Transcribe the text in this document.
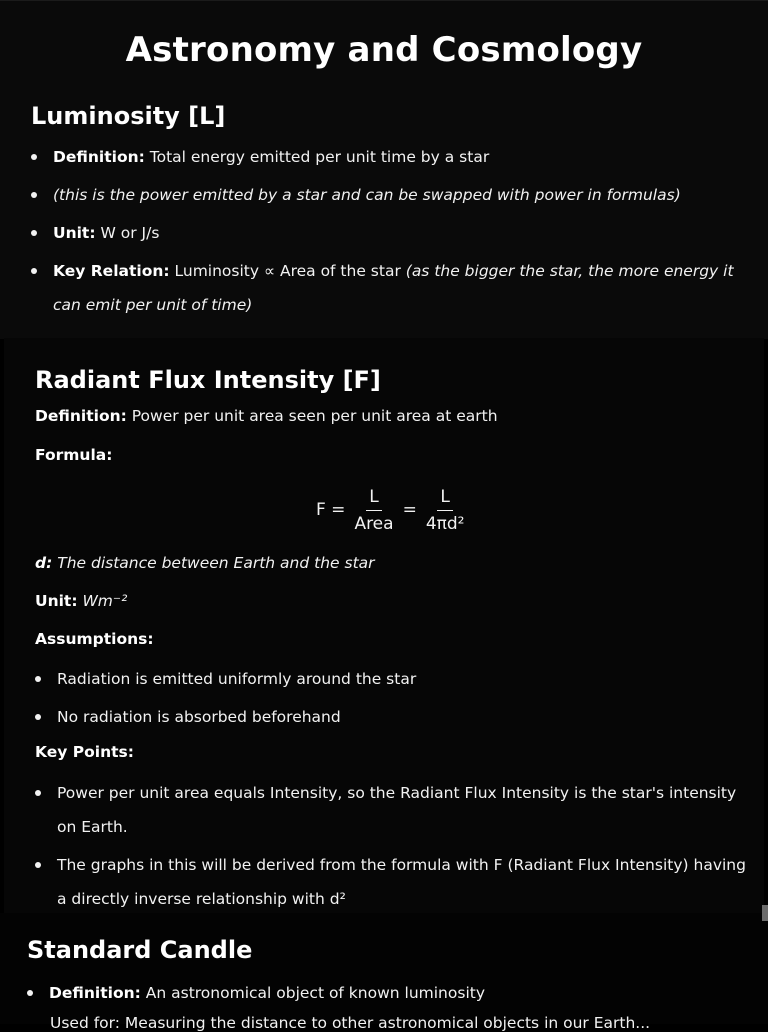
Astronomy and Cosmology
Luminosity [L]
Definition: Total energy emitted per unit time by a star
(this is the power emitted by a star and can be swapped with power in formulas)
Unit: W or J/s
Key Relation: Luminosity ∝ Area of the star (as the bigger the star, the more energy it can emit per unit of time)
Radiant Flux Intensity [F]
Definition: Power per unit area seen per unit area at earth
Formula:
$F = \frac{L}{\text{Area}} = \frac{L}{\text{4πd²}}$
d: The distance between Earth and the star
Unit: Wm⁻²
Assumptions:
Radiation is emitted uniformly around the star
No radiation is absorbed beforehand
Key Points:
Power per unit area equals Intensity, so the Radiant Flux Intensity is the star's intensity on Earth.
The graphs in this will be derived from the formula with F (Radiant Flux Intensity) having a directly inverse relationship with d²
Standard Candle
Definition: An astronomical object of known luminosity
Used for: Measuring the distance to other astronomical objects in our Earth...
